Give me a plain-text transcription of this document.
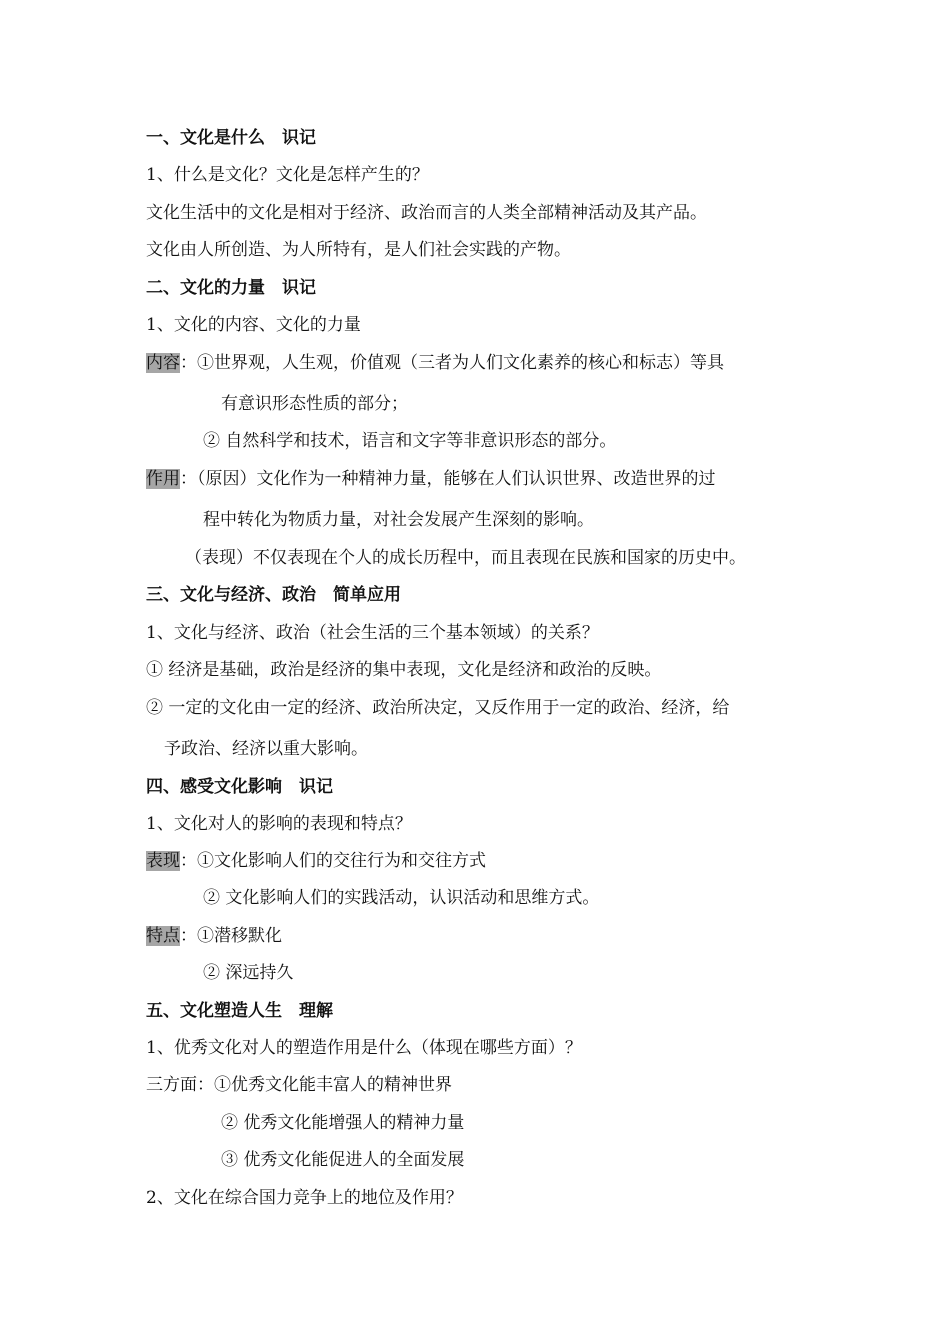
一、文化是什么　识记
1、什么是文化？文化是怎样产生的？
文化生活中的文化是相对于经济、政治而言的人类全部精神活动及其产品。
文化由人所创造、为人所特有，是人们社会实践的产物。
二、文化的力量　识记
1、文化的内容、文化的力量
内容：①世界观，人生观，价值观（三者为人们文化素养的核心和标志）等具
有意识形态性质的部分；
② 自然科学和技术，语言和文字等非意识形态的部分。
作用：（原因）文化作为一种精神力量，能够在人们认识世界、改造世界的过
程中转化为物质力量，对社会发展产生深刻的影响。
（表现）不仅表现在个人的成长历程中，而且表现在民族和国家的历史中。
三、文化与经济、政治　简单应用
1、文化与经济、政治（社会生活的三个基本领域）的关系？
① 经济是基础，政治是经济的集中表现，文化是经济和政治的反映。
② 一定的文化由一定的经济、政治所决定，又反作用于一定的政治、经济，给
予政治、经济以重大影响。
四、感受文化影响　识记
1、文化对人的影响的表现和特点？
表现：①文化影响人们的交往行为和交往方式
② 文化影响人们的实践活动，认识活动和思维方式。
特点：①潜移默化
② 深远持久
五、文化塑造人生　理解
1、优秀文化对人的塑造作用是什么（体现在哪些方面）？
三方面：①优秀文化能丰富人的精神世界
② 优秀文化能增强人的精神力量
③ 优秀文化能促进人的全面发展
2、文化在综合国力竞争上的地位及作用？
